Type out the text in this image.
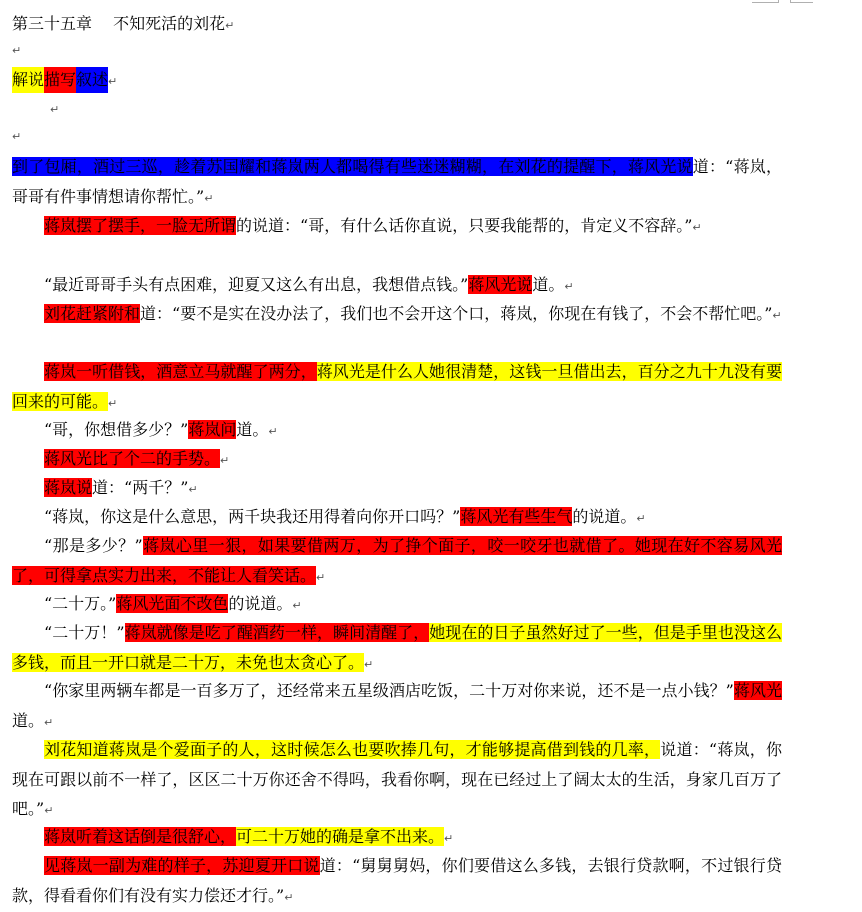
第三十五章　 不知死活的刘花↵
↵
解说描写叙述↵
↵
↵
到了包厢，酒过三巡，趁着苏国耀和蒋岚两人都喝得有些迷迷糊糊，在刘花的提醒下，蒋风光说道：“蒋岚，哥哥有件事情想请你帮忙。”↵
蒋岚摆了摆手，一脸无所谓的说道：“哥，有什么话你直说，只要我能帮的，肯定义不容辞。”↵
“最近哥哥手头有点困难，迎夏又这么有出息，我想借点钱。”蒋风光说道。↵
刘花赶紧附和道：“要不是实在没办法了，我们也不会开这个口，蒋岚，你现在有钱了，不会不帮忙吧。”↵
蒋岚一听借钱，酒意立马就醒了两分，蒋风光是什么人她很清楚，这钱一旦借出去，百分之九十九没有要回来的可能。↵
“哥，你想借多少？”蒋岚问道。↵
蒋风光比了个二的手势。↵
蒋岚说道：“两千？”↵
“蒋岚，你这是什么意思，两千块我还用得着向你开口吗？”蒋风光有些生气的说道。↵
“那是多少？”蒋岚心里一狠，如果要借两万，为了挣个面子，咬一咬牙也就借了。她现在好不容易风光了，可得拿点实力出来，不能让人看笑话。↵
“二十万。”蒋风光面不改色的说道。↵
“二十万！”蒋岚就像是吃了醒酒药一样，瞬间清醒了，她现在的日子虽然好过了一些，但是手里也没这么多钱，而且一开口就是二十万，未免也太贪心了。↵
“你家里两辆车都是一百多万了，还经常来五星级酒店吃饭，二十万对你来说，还不是一点小钱？”蒋风光道。↵
刘花知道蒋岚是个爱面子的人，这时候怎么也要吹捧几句，才能够提高借到钱的几率，说道：“蒋岚，你现在可跟以前不一样了，区区二十万你还舍不得吗，我看你啊，现在已经过上了阔太太的生活，身家几百万了吧。”↵
蒋岚听着这话倒是很舒心，可二十万她的确是拿不出来。↵
见蒋岚一副为难的样子，苏迎夏开口说道：“舅舅舅妈，你们要借这么多钱，去银行贷款啊，不过银行贷款，得看看你们有没有实力偿还才行。”↵
